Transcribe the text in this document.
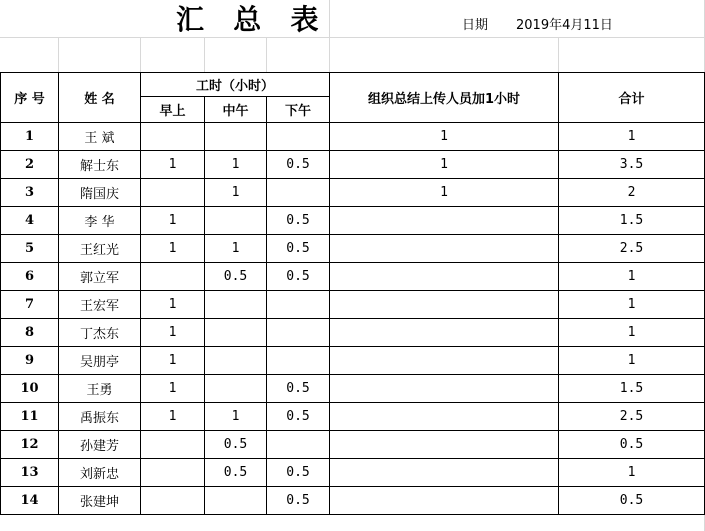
汇   总   表	日期 2019年4月11日
序 号	姓 名	工时（小时）			组织总结上传人员加1小时	合计
		早上	中午	下午		
1	王 斌				1	1
2	解士东	1	1	0.5	1	3.5
3	隋国庆		1		1	2
4	李 华	1		0.5		1.5
5	王红光	1	1	0.5		2.5
6	郭立军		0.5	0.5		1
7	王宏军	1				1
8	丁杰东	1				1
9	吴朋亭	1				1
10	王勇	1		0.5		1.5
11	禹振东	1	1	0.5		2.5
12	孙建芳		0.5			0.5
13	刘新忠		0.5	0.5		1
14	张建坤			0.5		0.5
